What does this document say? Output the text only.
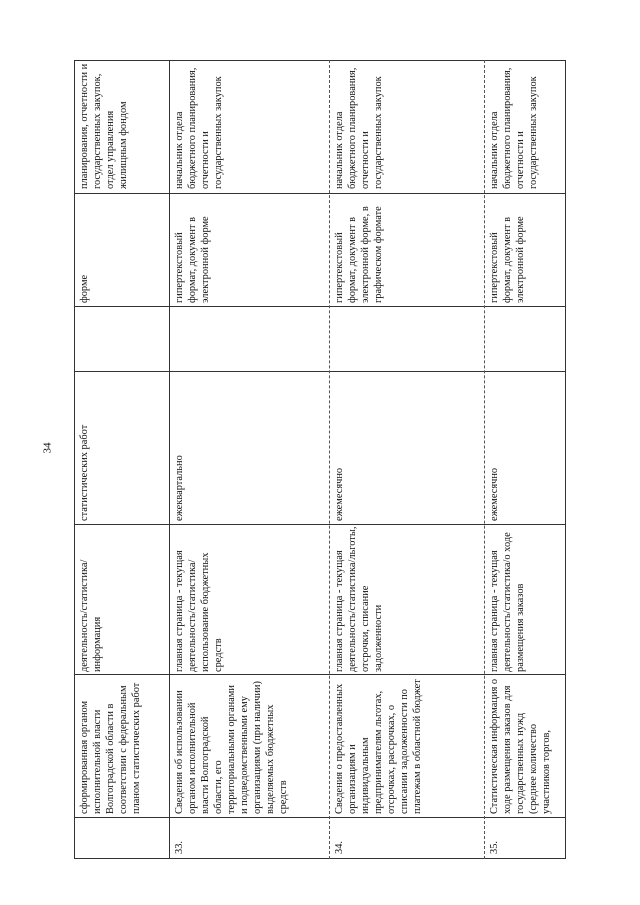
34
планирования, отчетности и государственных закупок, отдел управления жилищным фондом
форме
статистических работ
деятельность/статистика/информация
сформированная органом исполнительной власти Волгоградской области в соответствии с федеральным планом статистических работ
начальник отдела бюджетного планирования, отчетности и государственных закупок
гипертекстовый формат, документ в электронной форме
ежеквартально
главная страница - текущая деятельность/статистика/использование бюджетных средств
Сведения об использовании органом исполнительной власти Волгоградской области, его территориальными органами и подведомственными ему организациями (при наличии) выделяемых бюджетных средств
33.
начальник отдела бюджетного планирования, отчетности и государственных закупок
гипертекстовый формат, документ в электронной форме, в графическом формате
ежемесячно
главная страница - текущая деятельность/статистика/льготы, отсрочки, списание задолженности
Сведения о предоставленных организациям и индивидуальным предпринимателям льготах, отсрочках, рассрочках, о списании задолженности по платежам в областной бюджет
34.
начальник отдела бюджетного планирования, отчетности и государственных закупок
гипертекстовый формат, документ в электронной форме
ежемесячно
главная страница - текущая деятельность/статистика/о ходе размещения заказов
Статистическая информация о ходе размещения заказов для государственных нужд (среднее количество участников торгов,
35.
